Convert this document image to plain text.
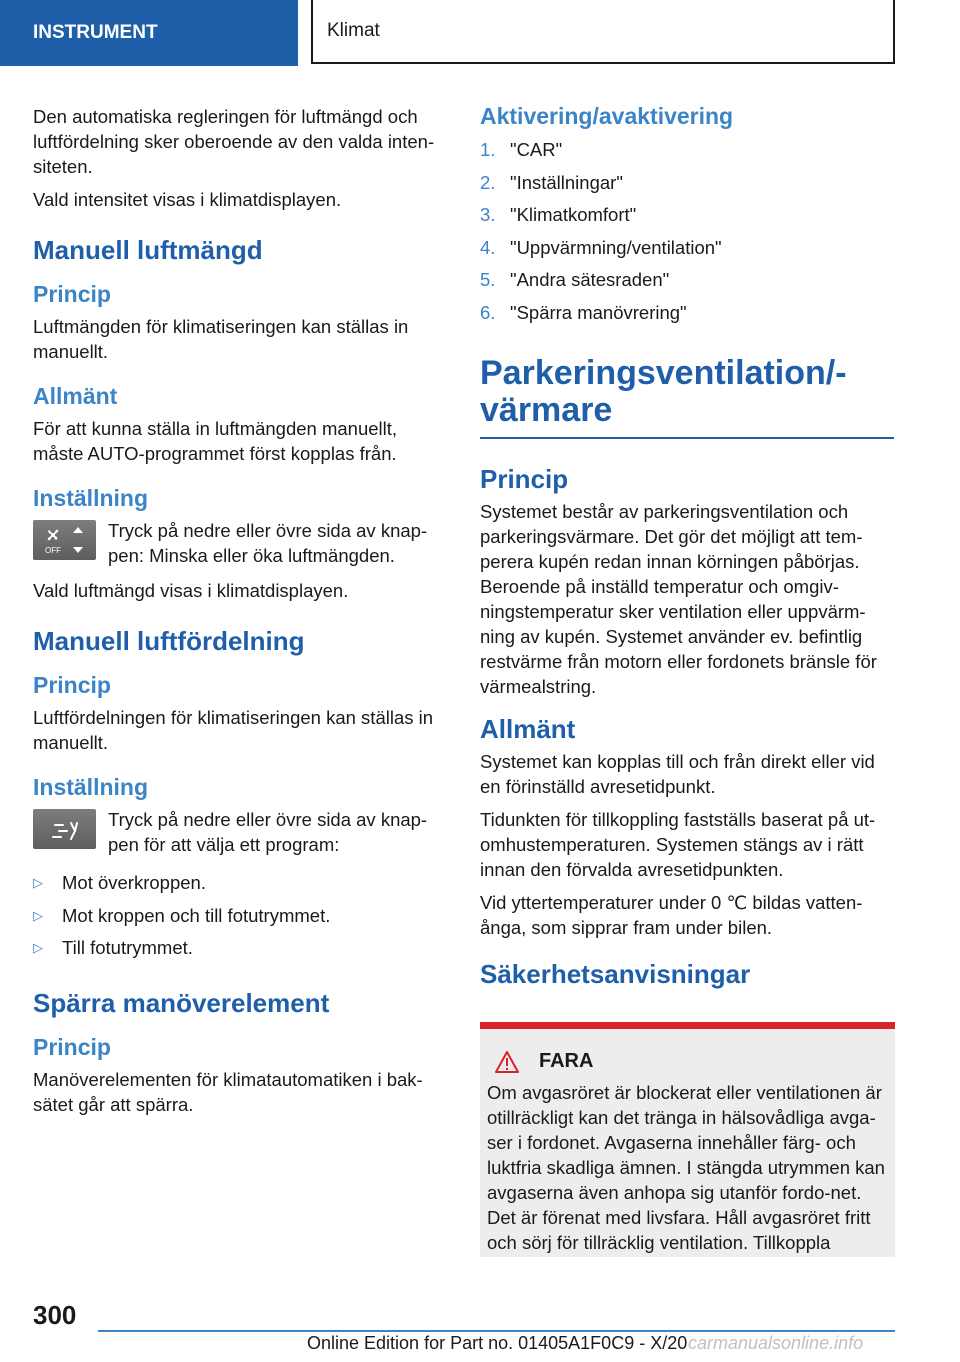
INSTRUMENT	Klimat

Den automatiska regleringen för luftmängd och luftfördelning sker oberoende av den valda inten‐siteten.

Vald intensitet visas i klimatdisplayen.

Manuell luftmängd
Princip

Luftmängden för klimatiseringen kan ställas in manuellt.

Allmänt

För att kunna ställa in luftmängden manuellt, måste AUTO-programmet först kopplas från.

Inställning
OFF
Tryck på nedre eller övre sida av knap‐pen: Minska eller öka luftmängden.

Vald luftmängd visas i klimatdisplayen.

Manuell luftfördelning
Princip

Luftfördelningen för klimatiseringen kan ställas in manuellt.

Inställning
Tryck på nedre eller övre sida av knap‐pen för att välja ett program:
▷	Mot överkroppen.
▷	Mot kroppen och till fotutrymmet.
▷	Till fotutrymmet.
Spärra manöverelement
Princip

Manöverelementen för klimatautomatiken i bak‐sätet går att spärra.

Aktivering/avaktivering
1. "CAR"
2. "Inställningar"
3. "Klimatkomfort"
4. "Uppvärmning/ventilation"
5. "Andra sätesraden"
6. "Spärra manövrering"
Parkeringsventilation/-
värmare
Princip

Systemet består av parkeringsventilation och parkeringsvärmare. Det gör det möjligt att tem‐perera kupén redan innan körningen påbörjas. Beroende på inställd temperatur och omgiv‐ningstemperatur sker ventilation eller uppvärm‐ning av kupén. Systemet använder ev. befintlig restvärme från motorn eller fordonets bränsle för värmealstring.

Allmänt

Systemet kan kopplas till och från direkt eller vid en förinställd avresetidpunkt.

Tidunkten för tillkoppling fastställs baserat på ut‐omhustemperaturen. Systemen stängs av i rätt innan den förvalda avresetidpunkten.

Vid yttertemperaturer under 0 ℃ bildas vatten‐ånga, som sipprar fram under bilen.

Säkerhetsanvisningar
FARA
Om avgasröret är blockerat eller ventilationen är otillräckligt kan det tränga in hälsovådliga avga‐ser i fordonet. Avgaserna innehåller färg- och luktfria skadliga ämnen. I stängda utrymmen kan avgaserna även anhopa sig utanför fordo‐net. Det är förenat med livsfara. Håll avgasröret fritt och sörj för tillräcklig ventilation. Tillkoppla
300
Online Edition for Part no. 01405A1F0C9 - X/20 carmanualsonline.info
